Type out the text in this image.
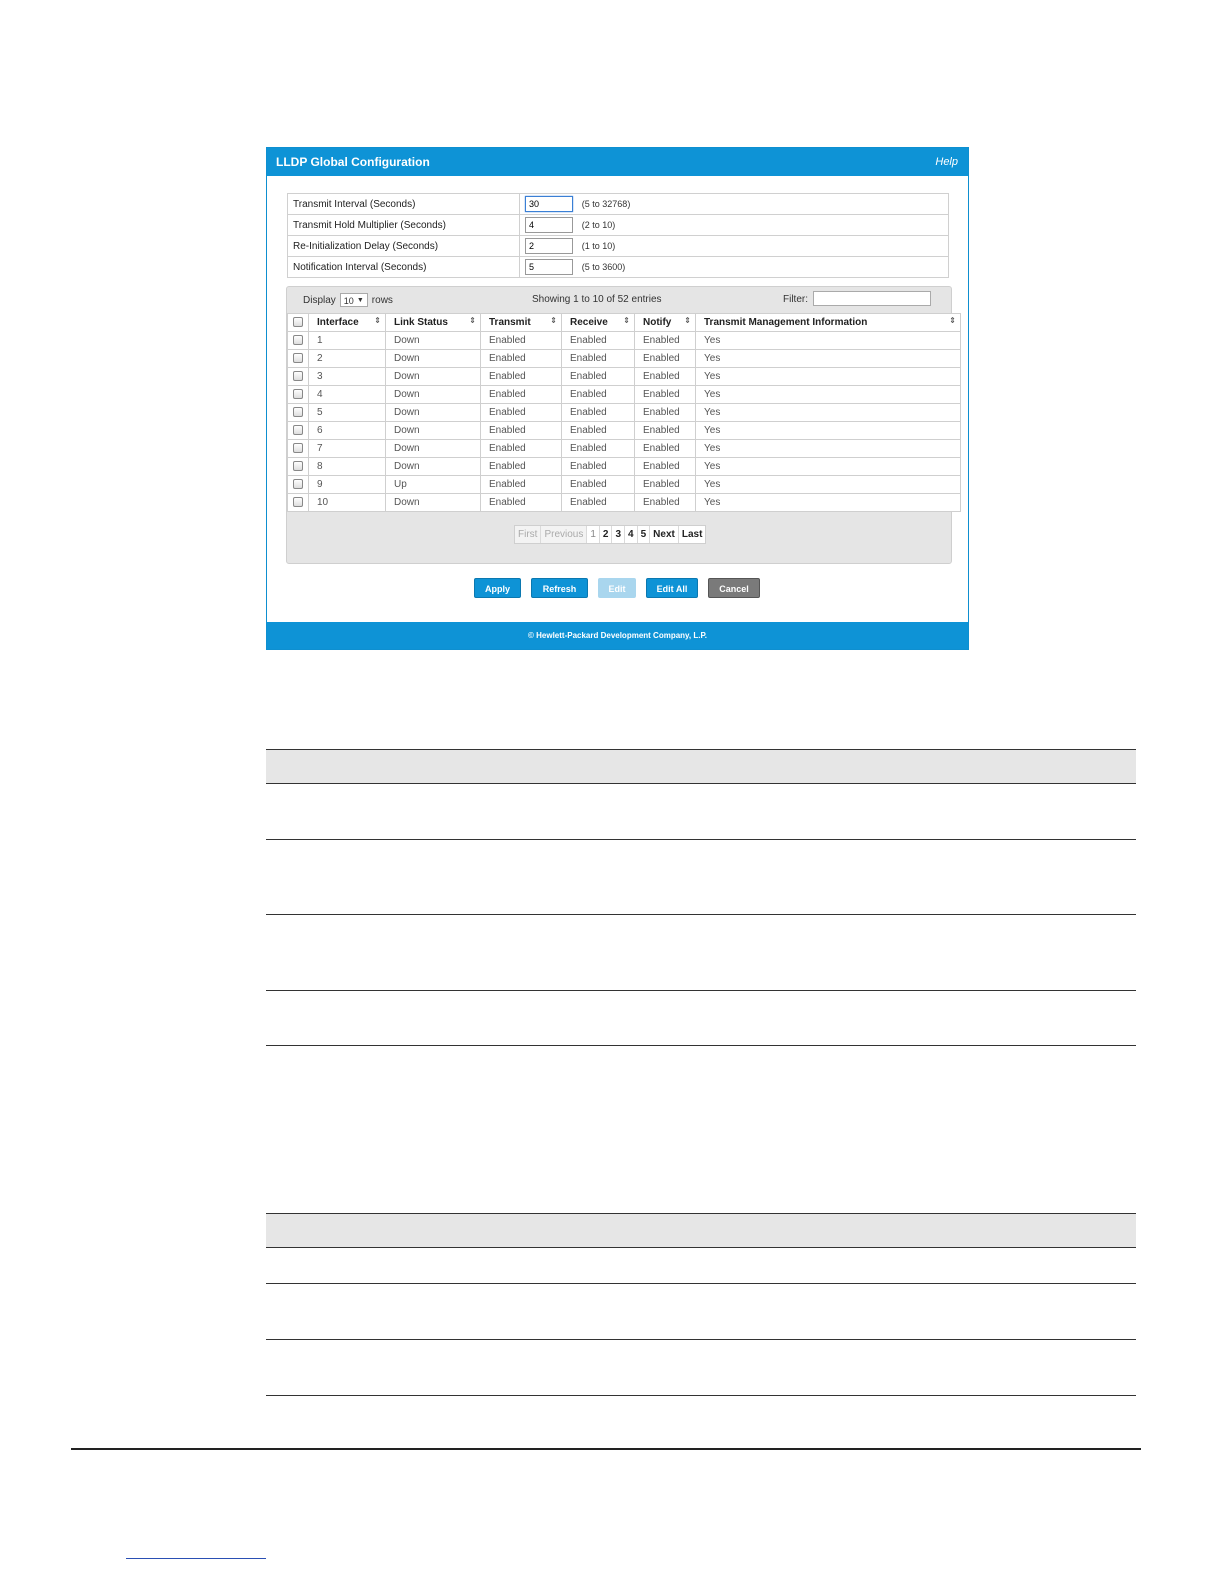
LLDP Global Configuration	Help
Transmit Interval (Seconds)	30(5 to 32768)
Transmit Hold Multiplier (Seconds)	4(2 to 10)
Re-Initialization Delay (Seconds)	2(1 to 10)
Notification Interval (Seconds)	5(5 to 3600)
Display 10 ▼ rows	Showing 1 to 10 of 52 entries	Filter:
	Interface ⇕	Link Status ⇕	Transmit ⇕	Receive ⇕	Notify ⇕	Transmit Management Information ⇕

	1	Down	Enabled	Enabled	Enabled	Yes
	2	Down	Enabled	Enabled	Enabled	Yes
	3	Down	Enabled	Enabled	Enabled	Yes
	4	Down	Enabled	Enabled	Enabled	Yes
	5	Down	Enabled	Enabled	Enabled	Yes
	6	Down	Enabled	Enabled	Enabled	Yes
	7	Down	Enabled	Enabled	Enabled	Yes
	8	Down	Enabled	Enabled	Enabled	Yes
	9	Up	Enabled	Enabled	Enabled	Yes
	10	Down	Enabled	Enabled	Enabled	Yes
First Previous 1 2 3 4 5 Next Last
Apply	Refresh	Edit	Edit All	Cancel
© Hewlett-Packard Development Company, L.P.
